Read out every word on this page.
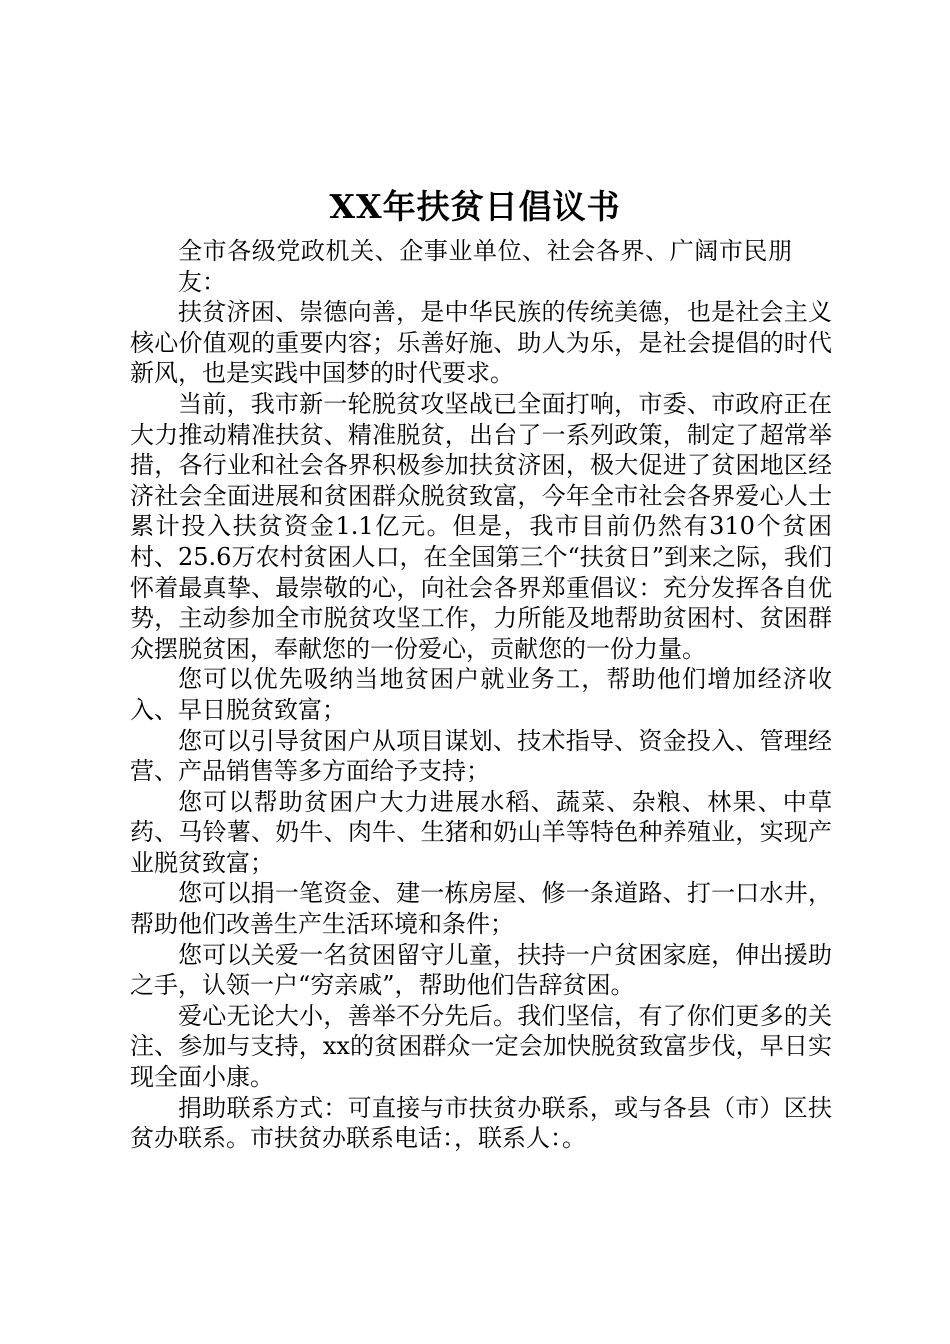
XX年扶贫日倡议书

全市各级党政机关、企事业单位、社会各界、广阔市民朋友：

扶贫济困、崇德向善，是中华民族的传统美德，也是社会主义核心价值观的重要内容；乐善好施、助人为乐，是社会提倡的时代新风，也是实践中国梦的时代要求。

当前，我市新一轮脱贫攻坚战已全面打响，市委、市政府正在大力推动精准扶贫、精准脱贫，出台了一系列政策，制定了超常举措，各行业和社会各界积极参加扶贫济困，极大促进了贫困地区经济社会全面进展和贫困群众脱贫致富，今年全市社会各界爱心人士累计投入扶贫资金1.1亿元。但是，我市目前仍然有310个贫困村、25.6万农村贫困人口，在全国第三个“扶贫日”到来之际，我们怀着最真挚、最崇敬的心，向社会各界郑重倡议：充分发挥各自优势，主动参加全市脱贫攻坚工作，力所能及地帮助贫困村、贫困群众摆脱贫困，奉献您的一份爱心，贡献您的一份力量。

您可以优先吸纳当地贫困户就业务工，帮助他们增加经济收入、早日脱贫致富；

您可以引导贫困户从项目谋划、技术指导、资金投入、管理经营、产品销售等多方面给予支持；

您可以帮助贫困户大力进展水稻、蔬菜、杂粮、林果、中草药、马铃薯、奶牛、肉牛、生猪和奶山羊等特色种养殖业，实现产业脱贫致富；

您可以捐一笔资金、建一栋房屋、修一条道路、打一口水井，帮助他们改善生产生活环境和条件；

您可以关爱一名贫困留守儿童，扶持一户贫困家庭，伸出援助之手，认领一户“穷亲戚”，帮助他们告辞贫困。

爱心无论大小，善举不分先后。我们坚信，有了你们更多的关注、参加与支持，xx的贫困群众一定会加快脱贫致富步伐，早日实现全面小康。

捐助联系方式：可直接与市扶贫办联系，或与各县（市）区扶贫办联系。市扶贫办联系电话：，联系人：。
